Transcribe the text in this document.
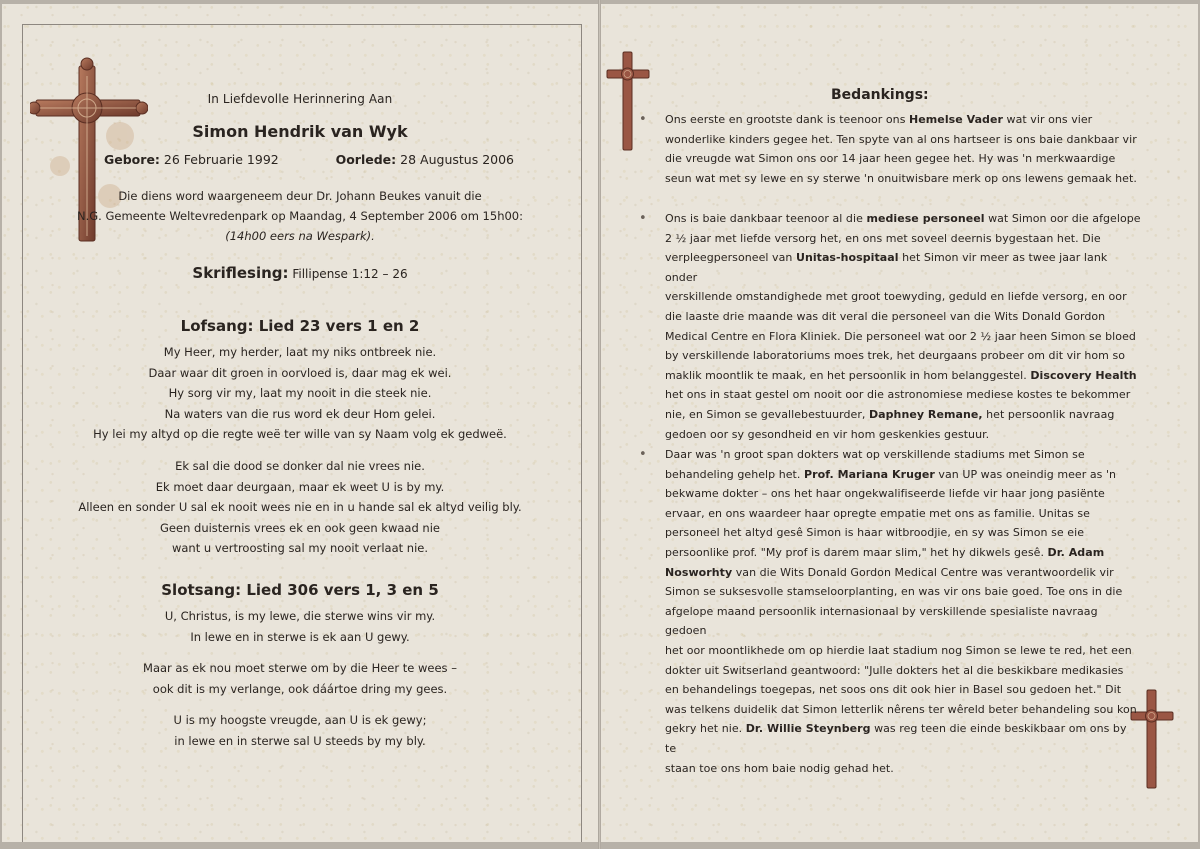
In Liefdevolle Herinnering Aan
Simon Hendrik van Wyk
Gebore: 26 Februarie 1992	Oorlede: 28 Augustus 2006
Die diens word waargeneem deur Dr. Johann Beukes vanuit die
N.G. Gemeente Weltevredenpark op Maandag, 4 September 2006 om 15h00:
(14h00 eers na Wespark).
Skriflesing: Fillipense 1:12 – 26
Lofsang: Lied 23 vers 1 en 2
My Heer, my herder, laat my niks ontbreek nie.
Daar waar dit groen in oorvloed is, daar mag ek wei.
Hy sorg vir my, laat my nooit in die steek nie.
Na waters van die rus word ek deur Hom gelei.
Hy lei my altyd op die regte weë ter wille van sy Naam volg ek gedweë.
Ek sal die dood se donker dal nie vrees nie.
Ek moet daar deurgaan, maar ek weet U is by my.
Alleen en sonder U sal ek nooit wees nie en in u hande sal ek altyd veilig bly.
Geen duisternis vrees ek en ook geen kwaad nie
want u vertroosting sal my nooit verlaat nie.
Slotsang: Lied 306 vers 1, 3 en 5
U, Christus, is my lewe, die sterwe wins vir my.
In lewe en in sterwe is ek aan U gewy.
Maar as ek nou moet sterwe om by die Heer te wees –
ook dit is my verlange, ook dáártoe dring my gees.
U is my hoogste vreugde, aan U is ek gewy;
in lewe en in sterwe sal U steeds by my bly.
Bedankings:
• Ons eerste en grootste dank is teenoor ons Hemelse Vader wat vir ons vier
wonderlike kinders gegee het. Ten spyte van al ons hartseer is ons baie dankbaar vir
die vreugde wat Simon ons oor 14 jaar heen gegee het. Hy was 'n merkwaardige
seun wat met sy lewe en sy sterwe 'n onuitwisbare merk op ons lewens gemaak het.
• Ons is baie dankbaar teenoor al die mediese personeel wat Simon oor die afgelope
2 ½ jaar met liefde versorg het, en ons met soveel deernis bygestaan het. Die
verpleegpersoneel van Unitas-hospitaal het Simon vir meer as twee jaar lank onder
verskillende omstandighede met groot toewyding, geduld en liefde versorg, en oor
die laaste drie maande was dit veral die personeel van die Wits Donald Gordon
Medical Centre en Flora Kliniek. Die personeel wat oor 2 ½ jaar heen Simon se bloed
by verskillende laboratoriums moes trek, het deurgaans probeer om dit vir hom so
maklik moontlik te maak, en het persoonlik in hom belanggestel. Discovery Health
het ons in staat gestel om nooit oor die astronomiese mediese kostes te bekommer
nie, en Simon se gevallebestuurder, Daphney Remane, het persoonlik navraag
gedoen oor sy gesondheid en vir hom geskenkies gestuur.
• Daar was 'n groot span dokters wat op verskillende stadiums met Simon se
behandeling gehelp het. Prof. Mariana Kruger van UP was oneindig meer as 'n
bekwame dokter – ons het haar ongekwalifiseerde liefde vir haar jong pasiënte
ervaar, en ons waardeer haar opregte empatie met ons as familie. Unitas se
personeel het altyd gesê Simon is haar witbroodjie, en sy was Simon se eie
persoonlike prof. "My prof is darem maar slim," het hy dikwels gesê. Dr. Adam
Nosworhty van die Wits Donald Gordon Medical Centre was verantwoordelik vir
Simon se suksesvolle stamseloorplanting, en was vir ons baie goed. Toe ons in die
afgelope maand persoonlik internasionaal by verskillende spesialiste navraag gedoen
het oor moontlikhede om op hierdie laat stadium nog Simon se lewe te red, het een
dokter uit Switserland geantwoord: "Julle dokters het al die beskikbare medikasies
en behandelings toegepas, net soos ons dit ook hier in Basel sou gedoen het." Dit
was telkens duidelik dat Simon letterlik nêrens ter wêreld beter behandeling sou kon
gekry het nie. Dr. Willie Steynberg was reg teen die einde beskikbaar om ons by te
staan toe ons hom baie nodig gehad het.
